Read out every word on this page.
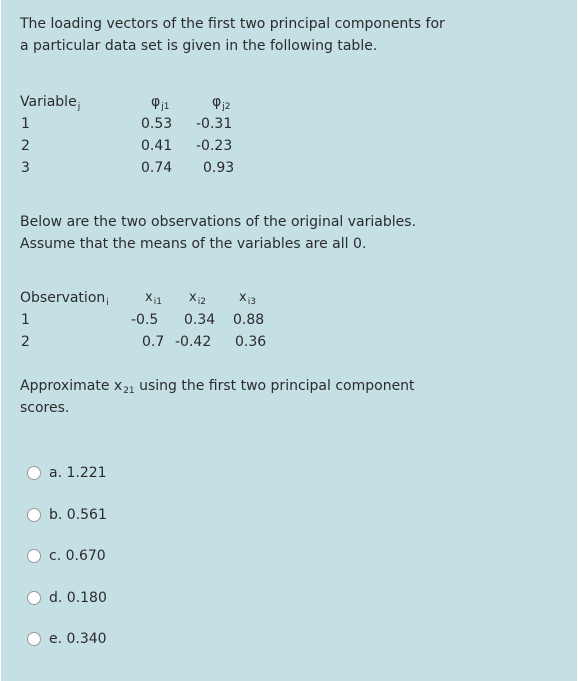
The loading vectors of the first two principal components for
a particular data set is given in the following table.
Variable$_j$	$\varphi_{j1}$	$\varphi_{j2}$
1	0.53 -0.31
2	0.41 -0.23
3	0.74 0.93
Below are the two observations of the original variables.
Assume that the means of the variables are all 0.
Observation$_i$	$x_{i1}$ $x_{i2}$	$x_{i3}$
1	-0.5 0.34 0.88
2	0.7 -0.42 0.36
Approximate $x_{21}$ using the first two principal component
scores.
a. 1.221
b. 0.561
c. 0.670
d. 0.180
e. 0.340
